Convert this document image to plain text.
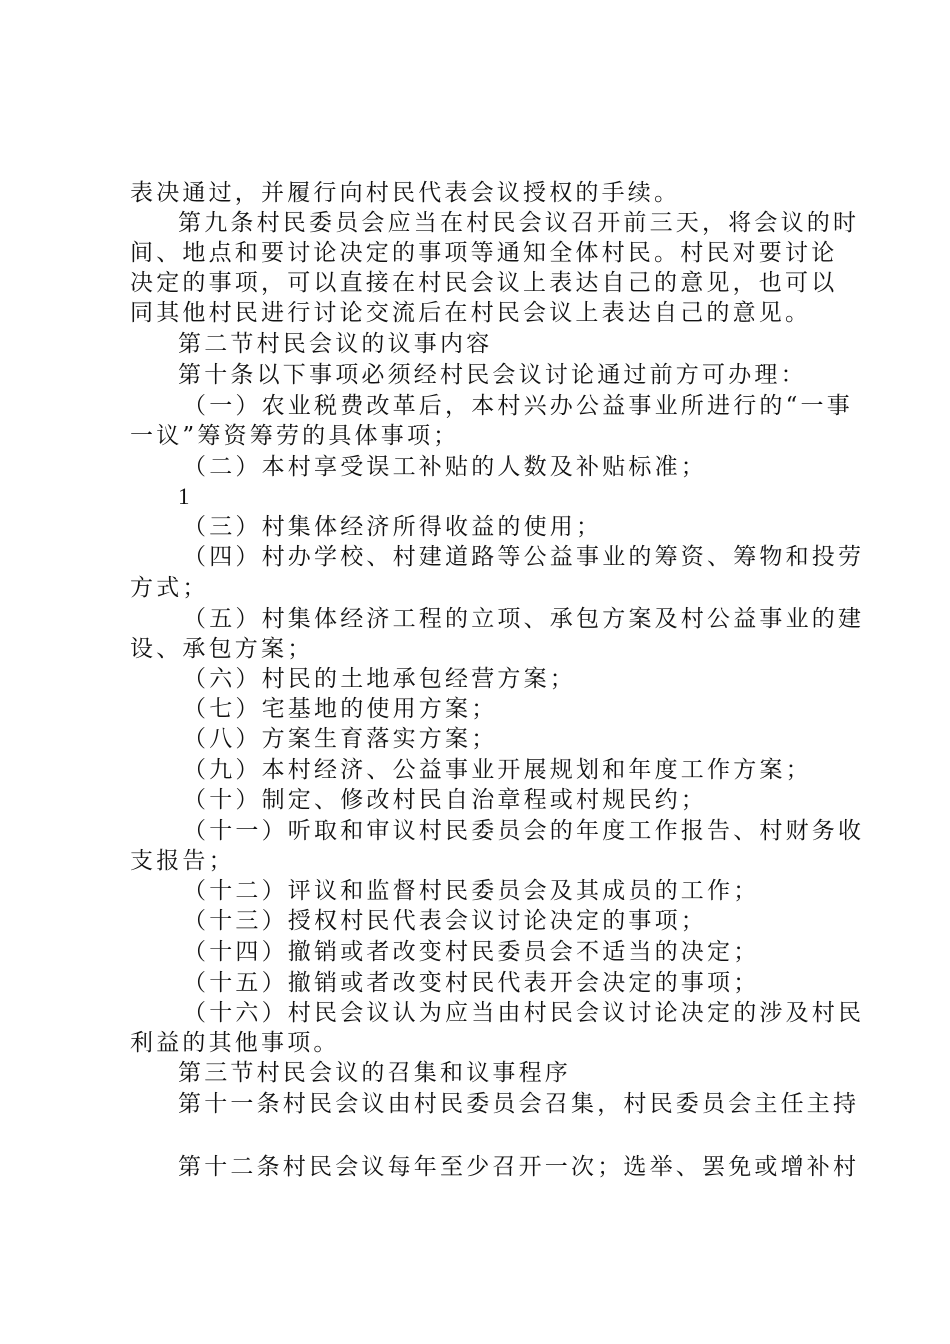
表决通过，并履行向村民代表会议授权的手续。
第九条村民委员会应当在村民会议召开前三天，将会议的时
间、地点和要讨论决定的事项等通知全体村民。村民对要讨论
决定的事项，可以直接在村民会议上表达自己的意见，也可以
同其他村民进行讨论交流后在村民会议上表达自己的意见。
第二节村民会议的议事内容
第十条以下事项必须经村民会议讨论通过前方可办理：
（一）农业税费改革后，本村兴办公益事业所进行的“一事
一议”筹资筹劳的具体事项；
（二）本村享受误工补贴的人数及补贴标准；
1
（三）村集体经济所得收益的使用；
（四）村办学校、村建道路等公益事业的筹资、筹物和投劳
方式；
（五）村集体经济工程的立项、承包方案及村公益事业的建
设、承包方案；
（六）村民的土地承包经营方案；
（七）宅基地的使用方案；
（八）方案生育落实方案；
（九）本村经济、公益事业开展规划和年度工作方案；
（十）制定、修改村民自治章程或村规民约；
（十一）听取和审议村民委员会的年度工作报告、村财务收
支报告；
（十二）评议和监督村民委员会及其成员的工作；
（十三）授权村民代表会议讨论决定的事项；
（十四）撤销或者改变村民委员会不适当的决定；
（十五）撤销或者改变村民代表开会决定的事项；
（十六）村民会议认为应当由村民会议讨论决定的涉及村民
利益的其他事项。
第三节村民会议的召集和议事程序
第十一条村民会议由村民委员会召集，村民委员会主任主持
第十二条村民会议每年至少召开一次；选举、罢免或增补村
